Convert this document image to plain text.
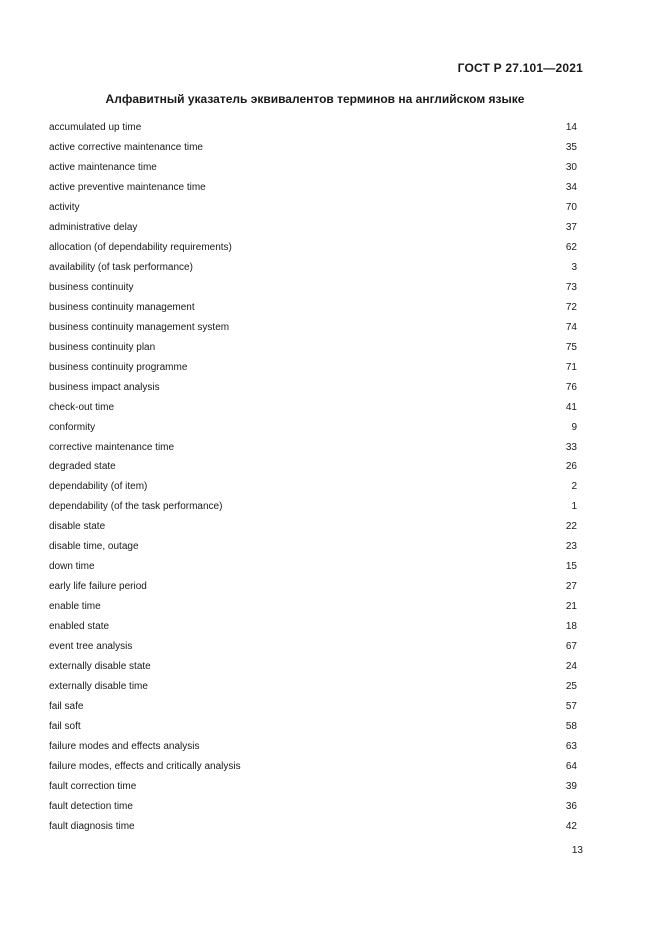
ГОСТ Р 27.101—2021
Алфавитный указатель эквивалентов терминов на английском языке
accumulated up time	14
active corrective maintenance time	35
active maintenance time	30
active preventive maintenance time	34
activity	70
administrative delay	37
allocation (of dependability requirements)	62
availability (of task performance)	3
business continuity	73
business continuity management	72
business continuity management system	74
business continuity plan	75
business continuity programme	71
business impact analysis	76
check-out time	41
conformity	9
corrective maintenance time	33
degraded state	26
dependability (of item)	2
dependability (of the task performance)	1
disable state	22
disable time, outage	23
down time	15
early life failure period	27
enable time	21
enabled state	18
event tree analysis	67
externally disable state	24
externally disable time	25
fail safe	57
fail soft	58
failure modes and effects analysis	63
failure modes, effects and critically analysis	64
fault correction time	39
fault detection time	36
fault diagnosis time	42
13
